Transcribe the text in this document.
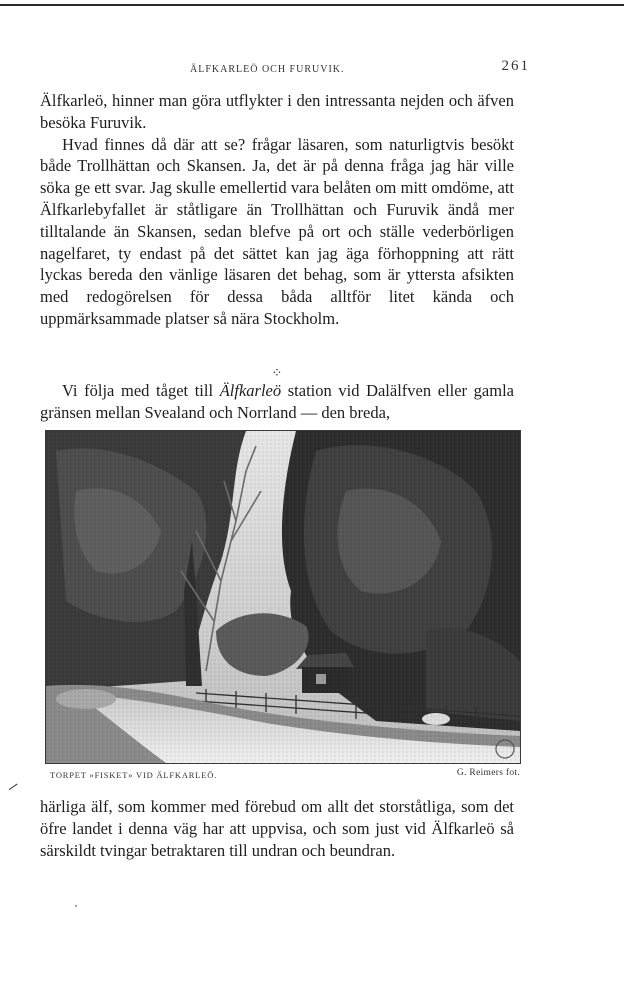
ÄLFKARLEÖ OCH FURUVIK.	261

Älfkarleö, hinner man göra utflykter i den intressanta nejden och äfven besöka Furuvik.

Hvad finnes då där att se? frågar läsaren, som naturligtvis besökt både Trollhättan och Skansen. Ja, det är på denna fråga jag här ville söka ge ett svar. Jag skulle emellertid vara belåten om mitt omdöme, att Älfkarlebyfallet är ståtligare än Trollhättan och Furuvik ändå mer tilltalande än Skansen, sedan blefve på ort och ställe vederbörligen nagelfaret, ty endast på det sättet kan jag äga förhoppning att rätt lyckas bereda den vänlige läsaren det behag, som är yttersta afsikten med redogörelsen för dessa båda alltför litet kända och uppmärksammade platser så nära Stockholm.

⁘

Vi följa med tåget till Älfkarleö station vid Dalälfven eller gamla gränsen mellan Svealand och Norrland — den breda,

TORPET »FISKET» VID ÄLFKARLEÖ.	G. Reimers fot.

härliga älf, som kommer med förebud om allt det storståtliga, som det öfre landet i denna väg har att uppvisa, och som just vid Älfkarleö så särskildt tvingar betraktaren till undran och beundran.
